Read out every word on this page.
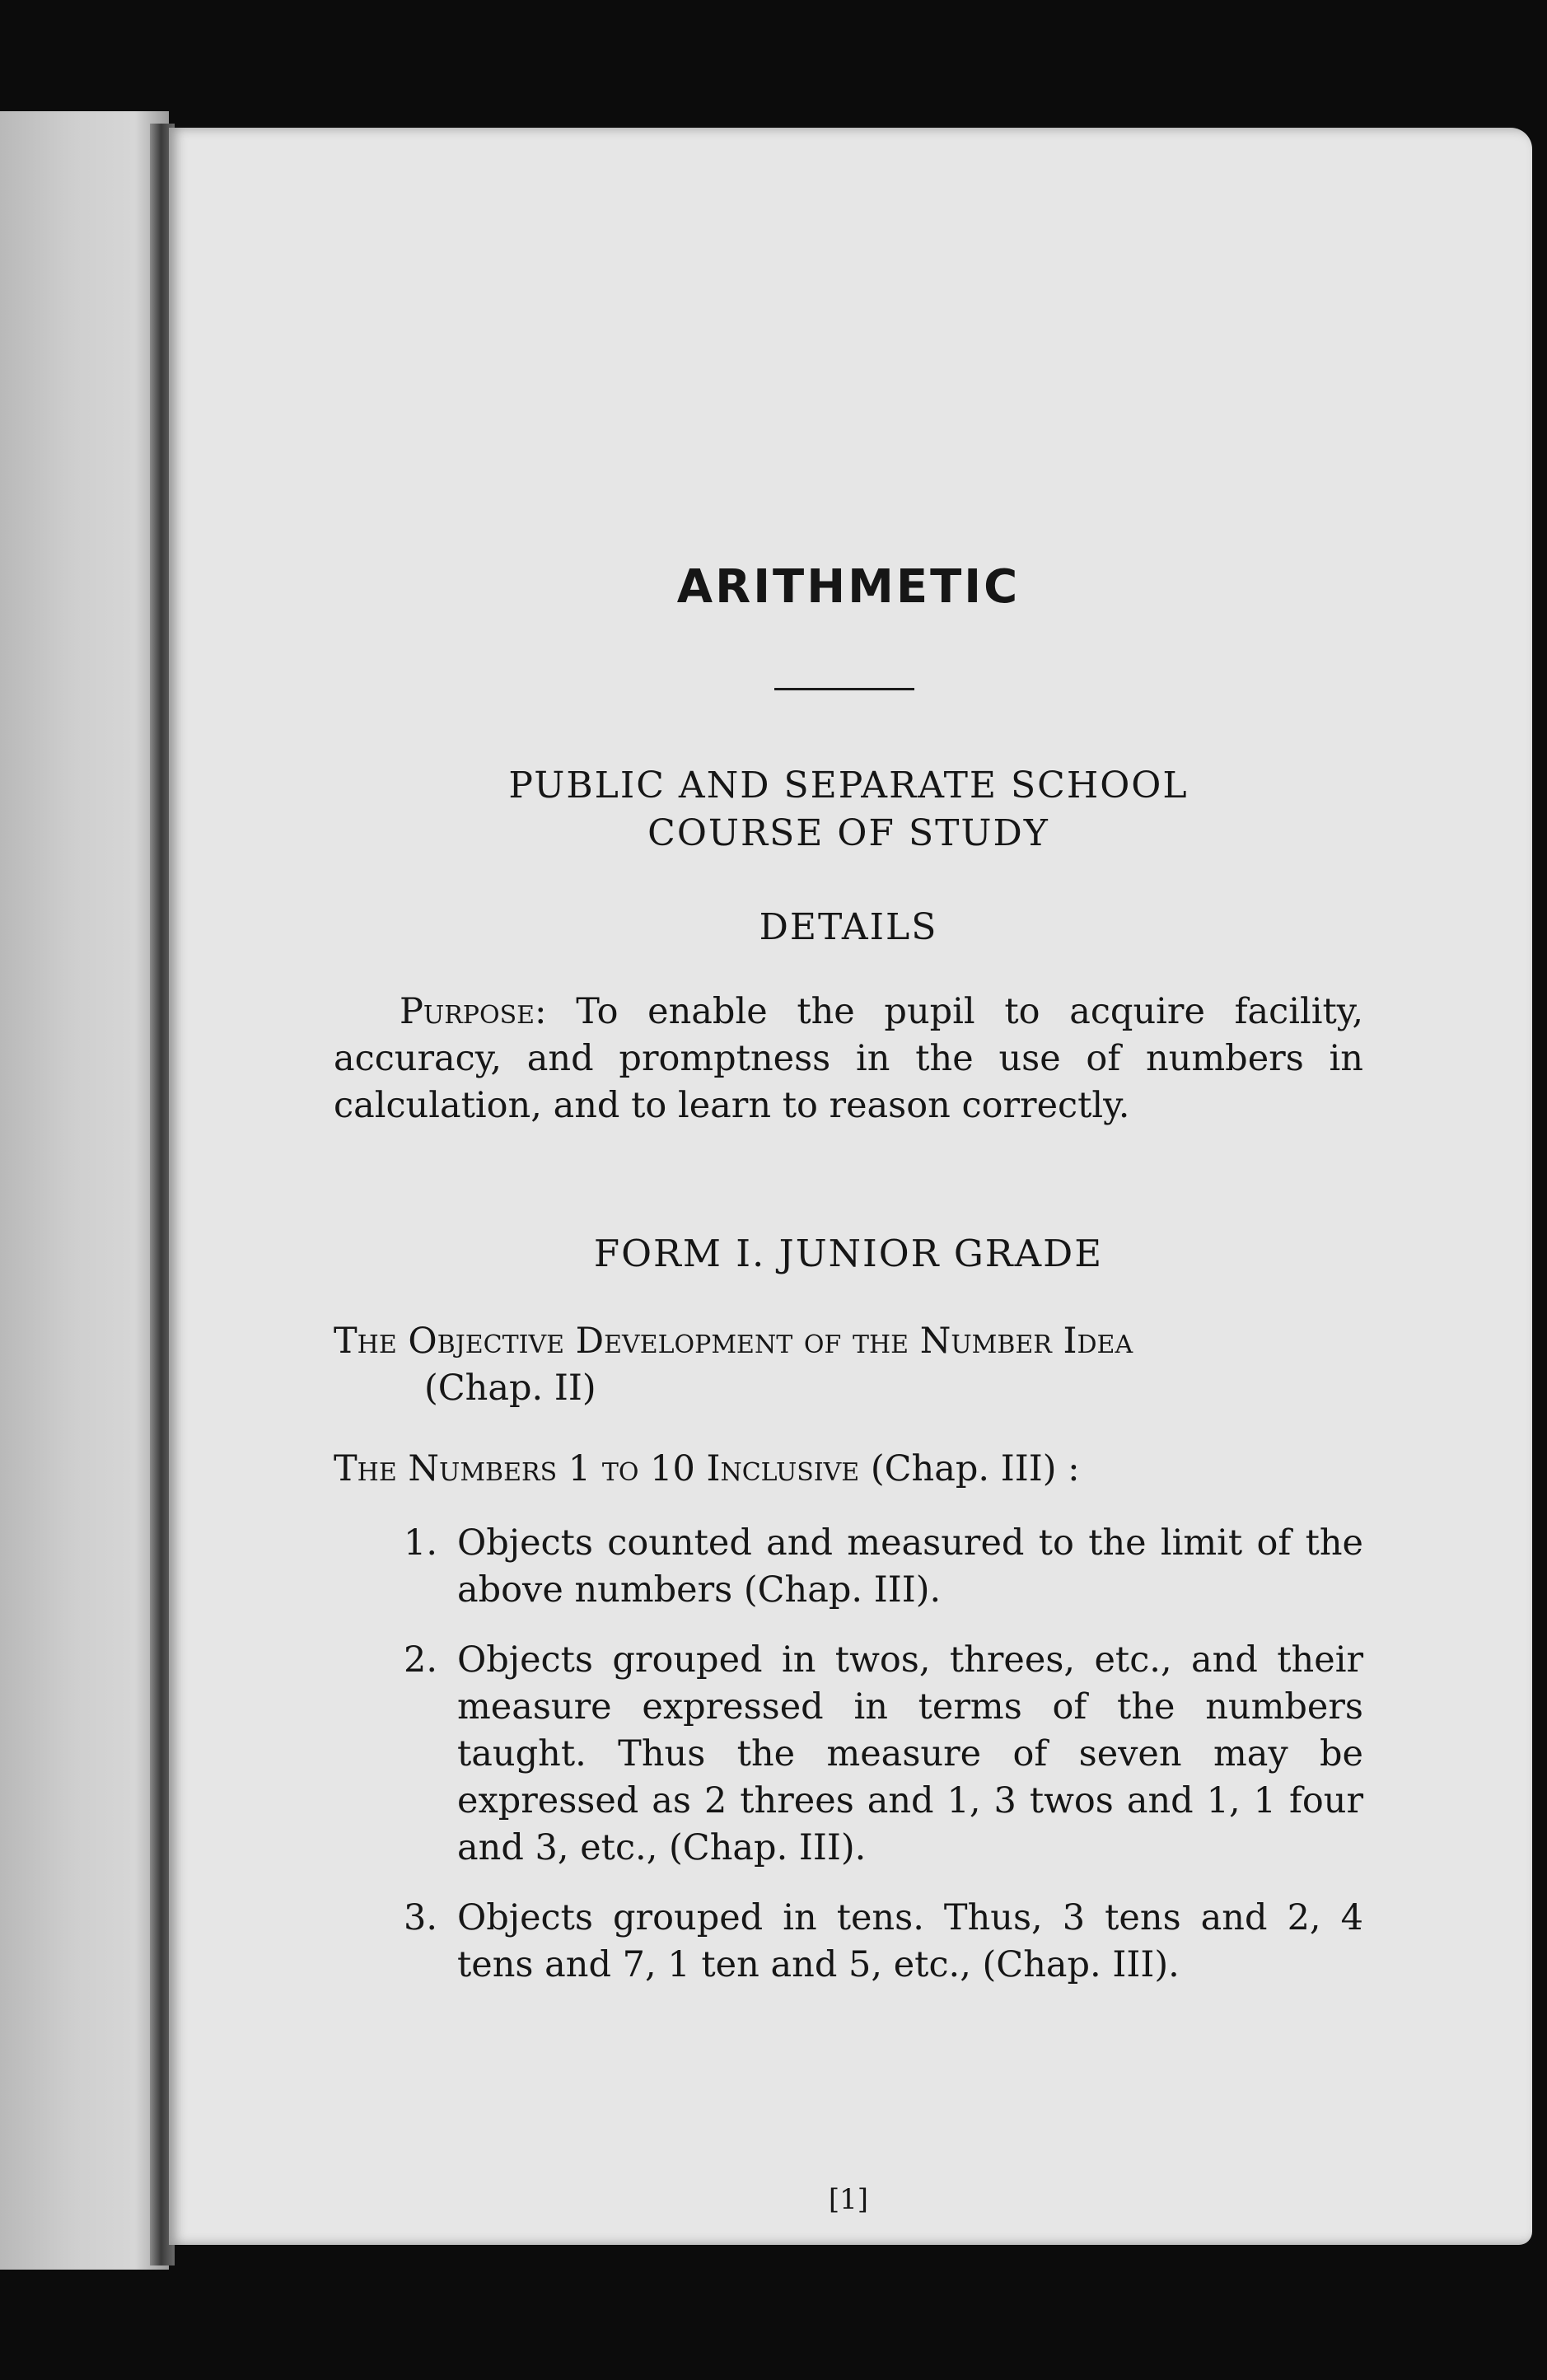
ARITHMETIC
PUBLIC AND SEPARATE SCHOOL
COURSE OF STUDY
DETAILS
Purpose: To enable the pupil to acquire facility, accuracy, and promptness in the use of numbers in calculation, and to learn to reason correctly.
FORM I. JUNIOR GRADE
The Objective Development of the Number Idea
(Chap. II)
The Numbers 1 to 10 Inclusive (Chap. III) :
1. Objects counted and measured to the limit of the above numbers (Chap. III).
2. Objects grouped in twos, threes, etc., and their measure expressed in terms of the numbers taught. Thus the measure of seven may be expressed as 2 threes and 1, 3 twos and 1, 1 four and 3, etc., (Chap. III).
3. Objects grouped in tens. Thus, 3 tens and 2, 4 tens and 7, 1 ten and 5, etc., (Chap. III).
[1]
